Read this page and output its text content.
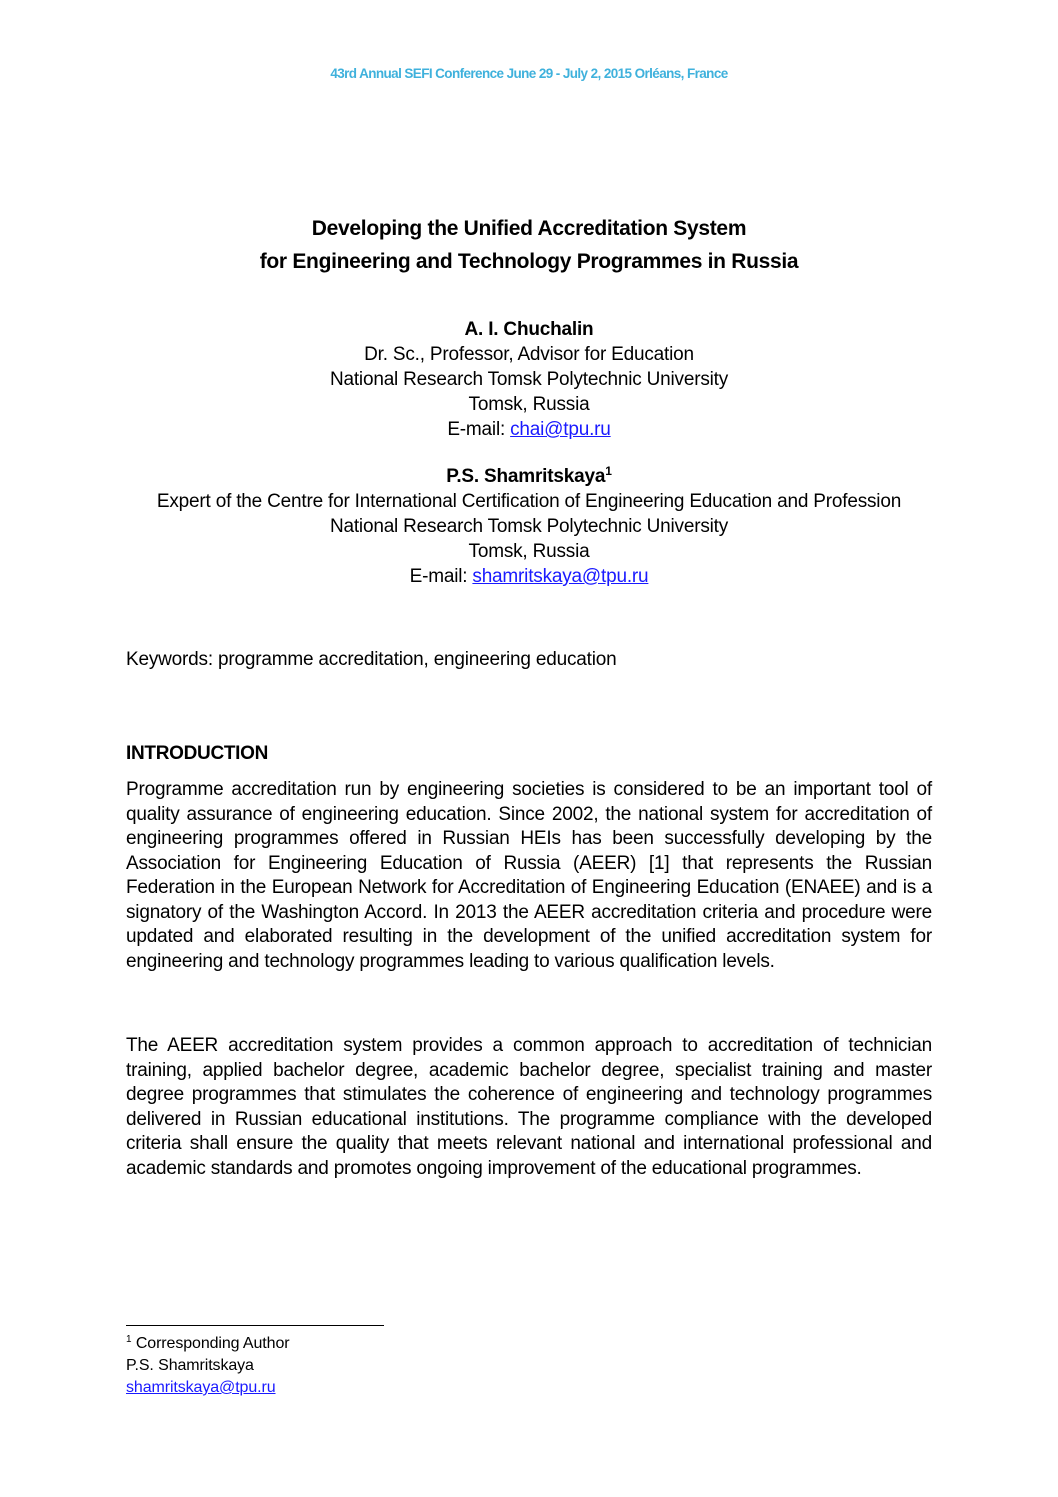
43rd Annual SEFI Conference June 29 - July 2, 2015 Orléans, France
Developing the Unified Accreditation System
for Engineering and Technology Programmes in Russia
A. I. Chuchalin
Dr. Sc., Professor, Advisor for Education
National Research Tomsk Polytechnic University
Tomsk, Russia
E-mail: chai@tpu.ru
P.S. Shamritskaya$^1$
Expert of the Centre for International Certification of Engineering Education and Profession
National Research Tomsk Polytechnic University
Tomsk, Russia
E-mail: shamritskaya@tpu.ru
Keywords: programme accreditation, engineering education
INTRODUCTION

Programme accreditation run by engineering societies is considered to be an important tool of quality assurance of engineering education. Since 2002, the national system for accreditation of engineering programmes offered in Russian HEIs has been successfully developing by the Association for Engineering Education of Russia (AEER) [1] that represents the Russian Federation in the European Network for Accreditation of Engineering Education (ENAEE) and is a signatory of the Washington Accord. In 2013 the AEER accreditation criteria and procedure were updated and elaborated resulting in the development of the unified accreditation system for engineering and technology programmes leading to various qualification levels.

The AEER accreditation system provides a common approach to accreditation of technician training, applied bachelor degree, academic bachelor degree, specialist training and master degree programmes that stimulates the coherence of engineering and technology programmes delivered in Russian educational institutions. The programme compliance with the developed criteria shall ensure the quality that meets relevant national and international professional and academic standards and promotes ongoing improvement of the educational programmes.

$^1$ Corresponding Author
P.S. Shamritskaya
shamritskaya@tpu.ru
